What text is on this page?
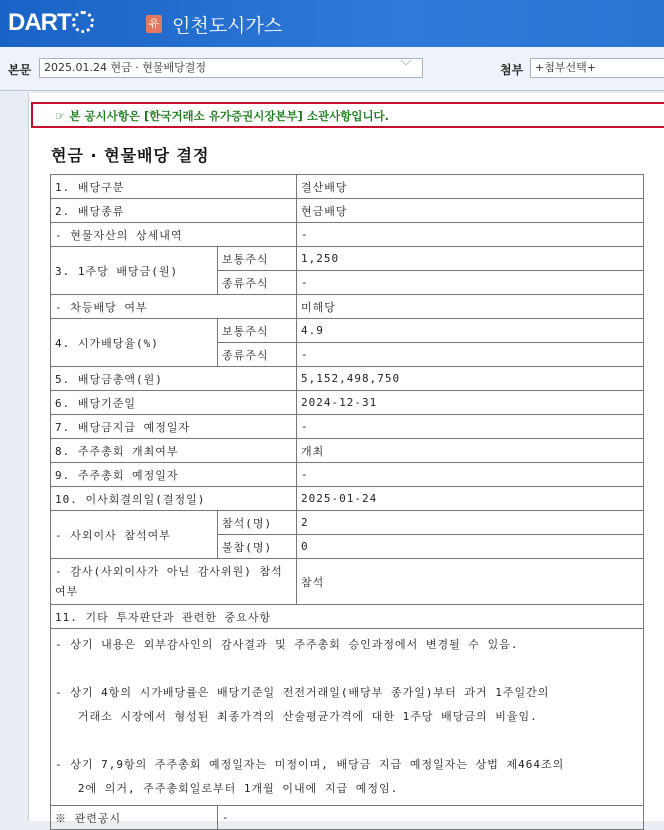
DART	유 인천도시가스
본문	2025.01.24 현금 · 현물배당결정	﹀	첨부	+첨부선택+
☞ 본 공시사항은 [한국거래소 유가증권시장본부] 소관사항입니다.
현금 · 현물배당 결정
1. 배당구분		결산배당
2. 배당종류		현금배당
- 현물자산의 상세내역		-
3. 1주당 배당금(원)	보통주식	1,250
	종류주식	-
- 차등배당 여부		미해당
4. 시가배당율(%)	보통주식	4.9
	종류주식	-
5. 배당금총액(원)		5,152,498,750
6. 배당기준일		2024-12-31
7. 배당금지급 예정일자		-
8. 주주총회 개최여부		개최
9. 주주총회 예정일자		-
10. 이사회결의일(결정일)		2025-01-24
- 사외이사 참석여부	참석(명)	2
	불참(명)	0
- 감사(사외이사가 아닌 감사위원) 참석여부		참석
11. 기타 투자판단과 관련한 중요사항		

- 상기 내용은 외부감사인의 감사결과 및 주주총회 승인과정에서 변경될 수 있음.

- 상기 4항의 시가배당률은 배당기준일 전전거래일(배당부 종가일)부터 과거 1주일간의

거래소 시장에서 형성된 최종가격의 산술평균가격에 대한 1주당 배당금의 비율임.

- 상기 7,9항의 주주총회 예정일자는 미정이며, 배당금 지급 예정일자는 상법 제464조의

2에 의거, 주주총회일로부터 1개월 이내에 지급 예정임.		

※ 관련공시	-	
